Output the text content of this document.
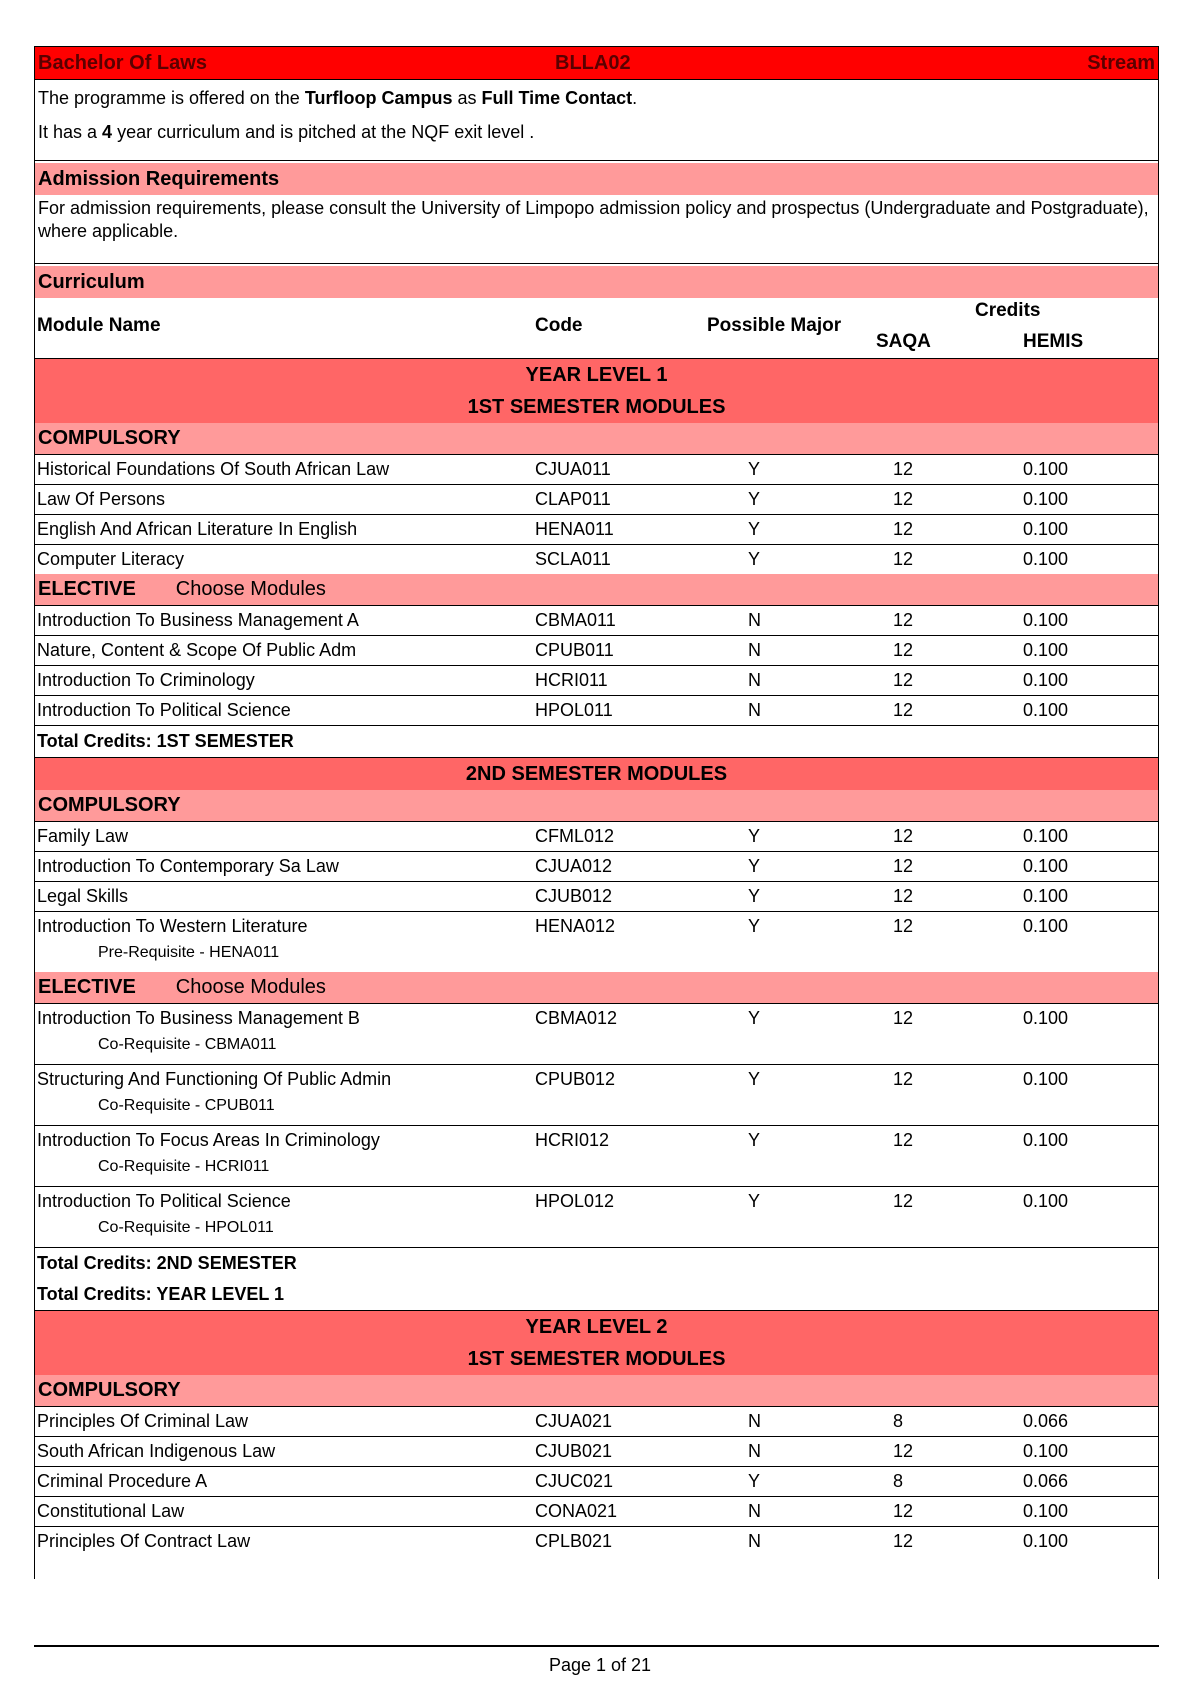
Bachelor Of Laws	BLLA02	Stream
The programme is offered on the Turfloop Campus as Full Time Contact.
It has a 4 year curriculum and is pitched at the NQF exit level .
Admission Requirements
For admission requirements, please consult the University of Limpopo admission policy and prospectus (Undergraduate and Postgraduate), where applicable.
Curriculum
Module Name	Code	Possible Major
Credits
SAQA	HEMIS
YEAR LEVEL 1
1ST SEMESTER MODULES
COMPULSORY
Historical Foundations Of South African Law	CJUA011	Y	12	0.100
Law Of Persons	CLAP011	Y	12	0.100
English And African Literature In English	HENA011	Y	12	0.100
Computer Literacy	SCLA011	Y	12	0.100
ELECTIVE Choose Modules
Introduction To Business Management A	CBMA011	N	12	0.100
Nature, Content & Scope Of Public Adm	CPUB011	N	12	0.100
Introduction To Criminology	HCRI011	N	12	0.100
Introduction To Political Science	HPOL011	N	12	0.100
Total Credits: 1ST SEMESTER
2ND SEMESTER MODULES
COMPULSORY
Family Law	CFML012	Y	12	0.100
Introduction To Contemporary Sa Law	CJUA012	Y	12	0.100
Legal Skills	CJUB012	Y	12	0.100
Introduction To Western Literature	HENA012	Y	12	0.100
Pre-Requisite - HENA011
ELECTIVE Choose Modules
Introduction To Business Management B	CBMA012	Y	12	0.100
Co-Requisite - CBMA011
Structuring And Functioning Of Public Admin	CPUB012	Y	12	0.100
Co-Requisite - CPUB011
Introduction To Focus Areas In Criminology	HCRI012	Y	12	0.100
Co-Requisite - HCRI011
Introduction To Political Science	HPOL012	Y	12	0.100
Co-Requisite - HPOL011
Total Credits: 2ND SEMESTER
Total Credits: YEAR LEVEL 1
YEAR LEVEL 2
1ST SEMESTER MODULES
COMPULSORY
Principles Of Criminal Law	CJUA021	N	8	0.066
South African Indigenous Law	CJUB021	N	12	0.100
Criminal Procedure A	CJUC021	Y	8	0.066
Constitutional Law	CONA021	N	12	0.100
Principles Of Contract Law	CPLB021	N	12	0.100
Page 1 of 21
